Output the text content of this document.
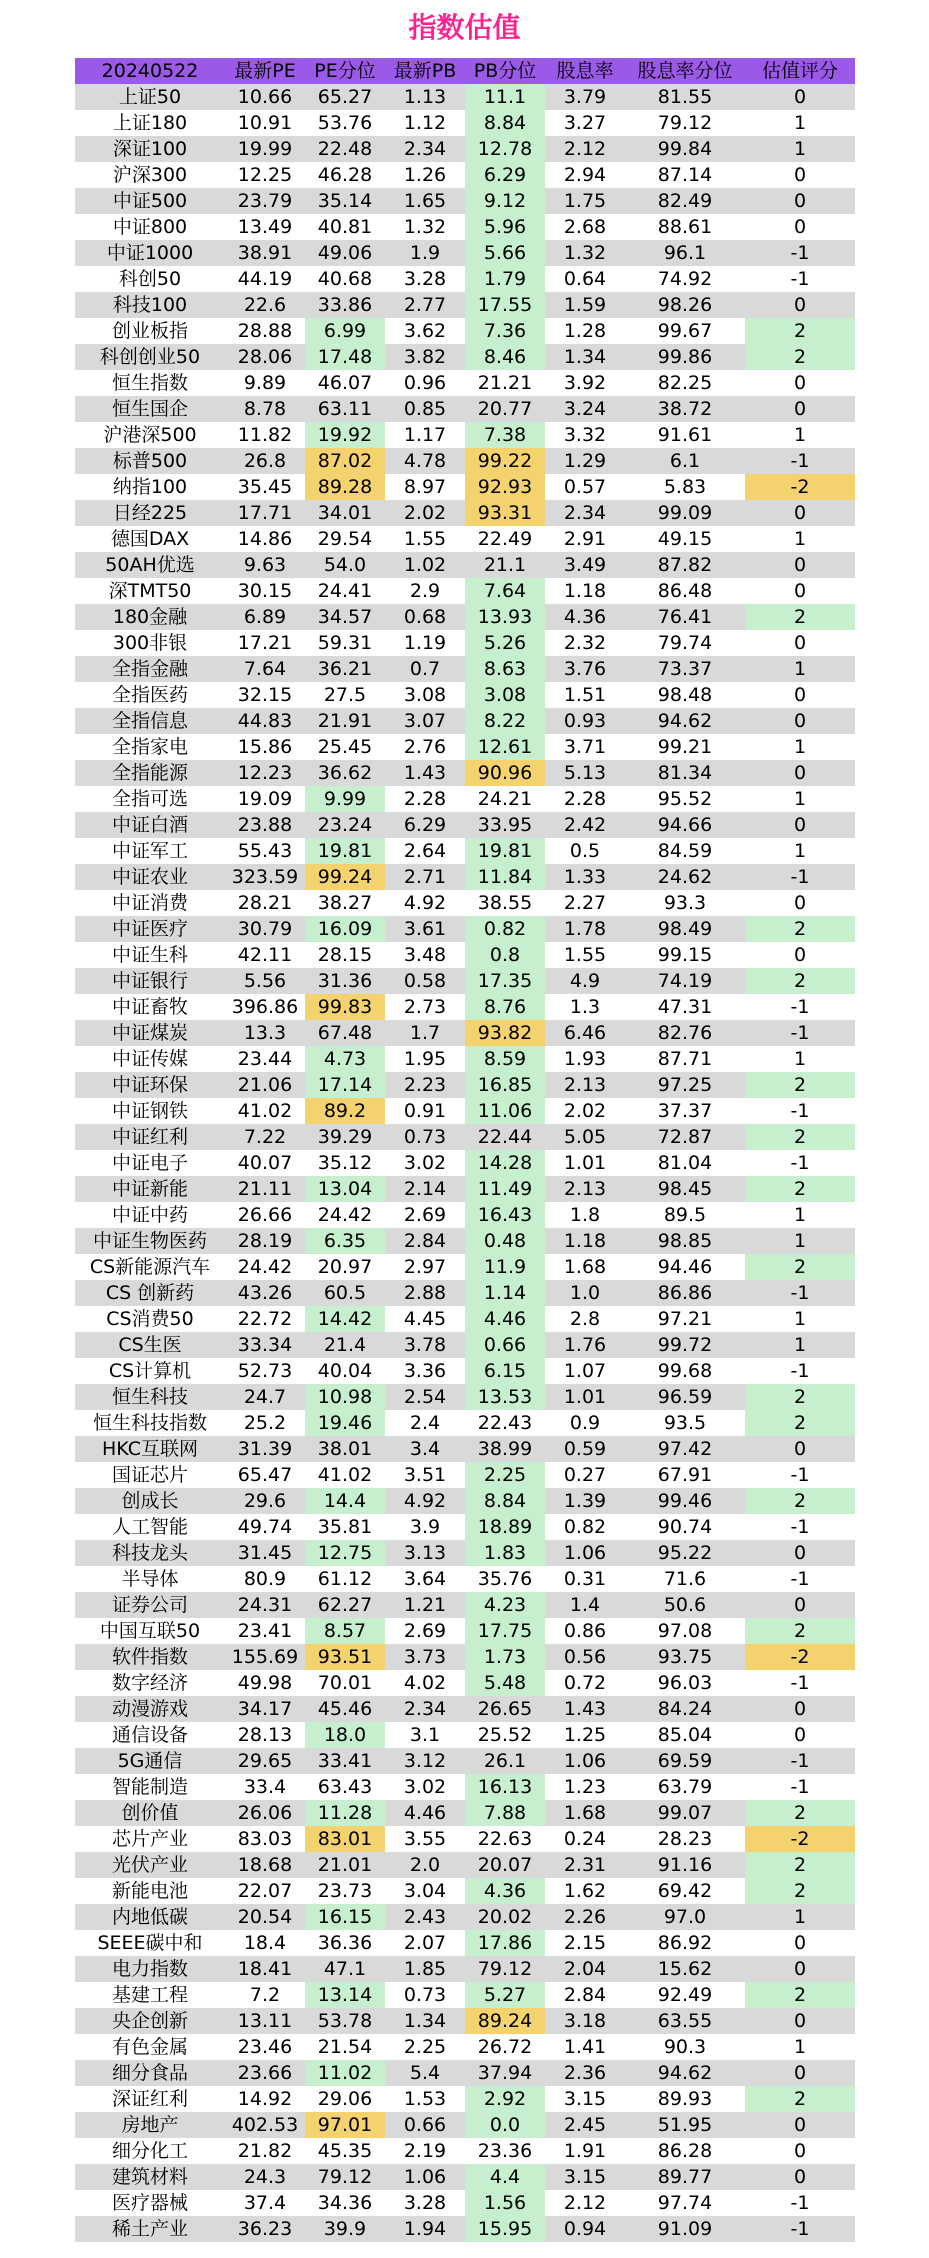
指数估值
20240522	最新PE	PE分位	最新PB	PB分位	股息率	股息率分位	估值评分
上证50	10.66	65.27	1.13	11.1	3.79	81.55	0
上证180	10.91	53.76	1.12	8.84	3.27	79.12	1
深证100	19.99	22.48	2.34	12.78	2.12	99.84	1
沪深300	12.25	46.28	1.26	6.29	2.94	87.14	0
中证500	23.79	35.14	1.65	9.12	1.75	82.49	0
中证800	13.49	40.81	1.32	5.96	2.68	88.61	0
中证1000	38.91	49.06	1.9	5.66	1.32	96.1	-1
科创50	44.19	40.68	3.28	1.79	0.64	74.92	-1
科技100	22.6	33.86	2.77	17.55	1.59	98.26	0
创业板指	28.88	6.99	3.62	7.36	1.28	99.67	2
科创创业50	28.06	17.48	3.82	8.46	1.34	99.86	2
恒生指数	9.89	46.07	0.96	21.21	3.92	82.25	0
恒生国企	8.78	63.11	0.85	20.77	3.24	38.72	0
沪港深500	11.82	19.92	1.17	7.38	3.32	91.61	1
标普500	26.8	87.02	4.78	99.22	1.29	6.1	-1
纳指100	35.45	89.28	8.97	92.93	0.57	5.83	-2
日经225	17.71	34.01	2.02	93.31	2.34	99.09	0
德国DAX	14.86	29.54	1.55	22.49	2.91	49.15	1
50AH优选	9.63	54.0	1.02	21.1	3.49	87.82	0
深TMT50	30.15	24.41	2.9	7.64	1.18	86.48	0
180金融	6.89	34.57	0.68	13.93	4.36	76.41	2
300非银	17.21	59.31	1.19	5.26	2.32	79.74	0
全指金融	7.64	36.21	0.7	8.63	3.76	73.37	1
全指医药	32.15	27.5	3.08	3.08	1.51	98.48	0
全指信息	44.83	21.91	3.07	8.22	0.93	94.62	0
全指家电	15.86	25.45	2.76	12.61	3.71	99.21	1
全指能源	12.23	36.62	1.43	90.96	5.13	81.34	0
全指可选	19.09	9.99	2.28	24.21	2.28	95.52	1
中证白酒	23.88	23.24	6.29	33.95	2.42	94.66	0
中证军工	55.43	19.81	2.64	19.81	0.5	84.59	1
中证农业	323.59	99.24	2.71	11.84	1.33	24.62	-1
中证消费	28.21	38.27	4.92	38.55	2.27	93.3	0
中证医疗	30.79	16.09	3.61	0.82	1.78	98.49	2
中证生科	42.11	28.15	3.48	0.8	1.55	99.15	0
中证银行	5.56	31.36	0.58	17.35	4.9	74.19	2
中证畜牧	396.86	99.83	2.73	8.76	1.3	47.31	-1
中证煤炭	13.3	67.48	1.7	93.82	6.46	82.76	-1
中证传媒	23.44	4.73	1.95	8.59	1.93	87.71	1
中证环保	21.06	17.14	2.23	16.85	2.13	97.25	2
中证钢铁	41.02	89.2	0.91	11.06	2.02	37.37	-1
中证红利	7.22	39.29	0.73	22.44	5.05	72.87	2
中证电子	40.07	35.12	3.02	14.28	1.01	81.04	-1
中证新能	21.11	13.04	2.14	11.49	2.13	98.45	2
中证中药	26.66	24.42	2.69	16.43	1.8	89.5	1
中证生物医药	28.19	6.35	2.84	0.48	1.18	98.85	1
CS新能源汽车	24.42	20.97	2.97	11.9	1.68	94.46	2
CS 创新药	43.26	60.5	2.88	1.14	1.0	86.86	-1
CS消费50	22.72	14.42	4.45	4.46	2.8	97.21	1
CS生医	33.34	21.4	3.78	0.66	1.76	99.72	1
CS计算机	52.73	40.04	3.36	6.15	1.07	99.68	-1
恒生科技	24.7	10.98	2.54	13.53	1.01	96.59	2
恒生科技指数	25.2	19.46	2.4	22.43	0.9	93.5	2
HKC互联网	31.39	38.01	3.4	38.99	0.59	97.42	0
国证芯片	65.47	41.02	3.51	2.25	0.27	67.91	-1
创成长	29.6	14.4	4.92	8.84	1.39	99.46	2
人工智能	49.74	35.81	3.9	18.89	0.82	90.74	-1
科技龙头	31.45	12.75	3.13	1.83	1.06	95.22	0
半导体	80.9	61.12	3.64	35.76	0.31	71.6	-1
证券公司	24.31	62.27	1.21	4.23	1.4	50.6	0
中国互联50	23.41	8.57	2.69	17.75	0.86	97.08	2
软件指数	155.69	93.51	3.73	1.73	0.56	93.75	-2
数字经济	49.98	70.01	4.02	5.48	0.72	96.03	-1
动漫游戏	34.17	45.46	2.34	26.65	1.43	84.24	0
通信设备	28.13	18.0	3.1	25.52	1.25	85.04	0
5G通信	29.65	33.41	3.12	26.1	1.06	69.59	-1
智能制造	33.4	63.43	3.02	16.13	1.23	63.79	-1
创价值	26.06	11.28	4.46	7.88	1.68	99.07	2
芯片产业	83.03	83.01	3.55	22.63	0.24	28.23	-2
光伏产业	18.68	21.01	2.0	20.07	2.31	91.16	2
新能电池	22.07	23.73	3.04	4.36	1.62	69.42	2
内地低碳	20.54	16.15	2.43	20.02	2.26	97.0	1
SEEE碳中和	18.4	36.36	2.07	17.86	2.15	86.92	0
电力指数	18.41	47.1	1.85	79.12	2.04	15.62	0
基建工程	7.2	13.14	0.73	5.27	2.84	92.49	2
央企创新	13.11	53.78	1.34	89.24	3.18	63.55	0
有色金属	23.46	21.54	2.25	26.72	1.41	90.3	1
细分食品	23.66	11.02	5.4	37.94	2.36	94.62	0
深证红利	14.92	29.06	1.53	2.92	3.15	89.93	2
房地产	402.53	97.01	0.66	0.0	2.45	51.95	0
细分化工	21.82	45.35	2.19	23.36	1.91	86.28	0
建筑材料	24.3	79.12	1.06	4.4	3.15	89.77	0
医疗器械	37.4	34.36	3.28	1.56	2.12	97.74	-1
稀土产业	36.23	39.9	1.94	15.95	0.94	91.09	-1
